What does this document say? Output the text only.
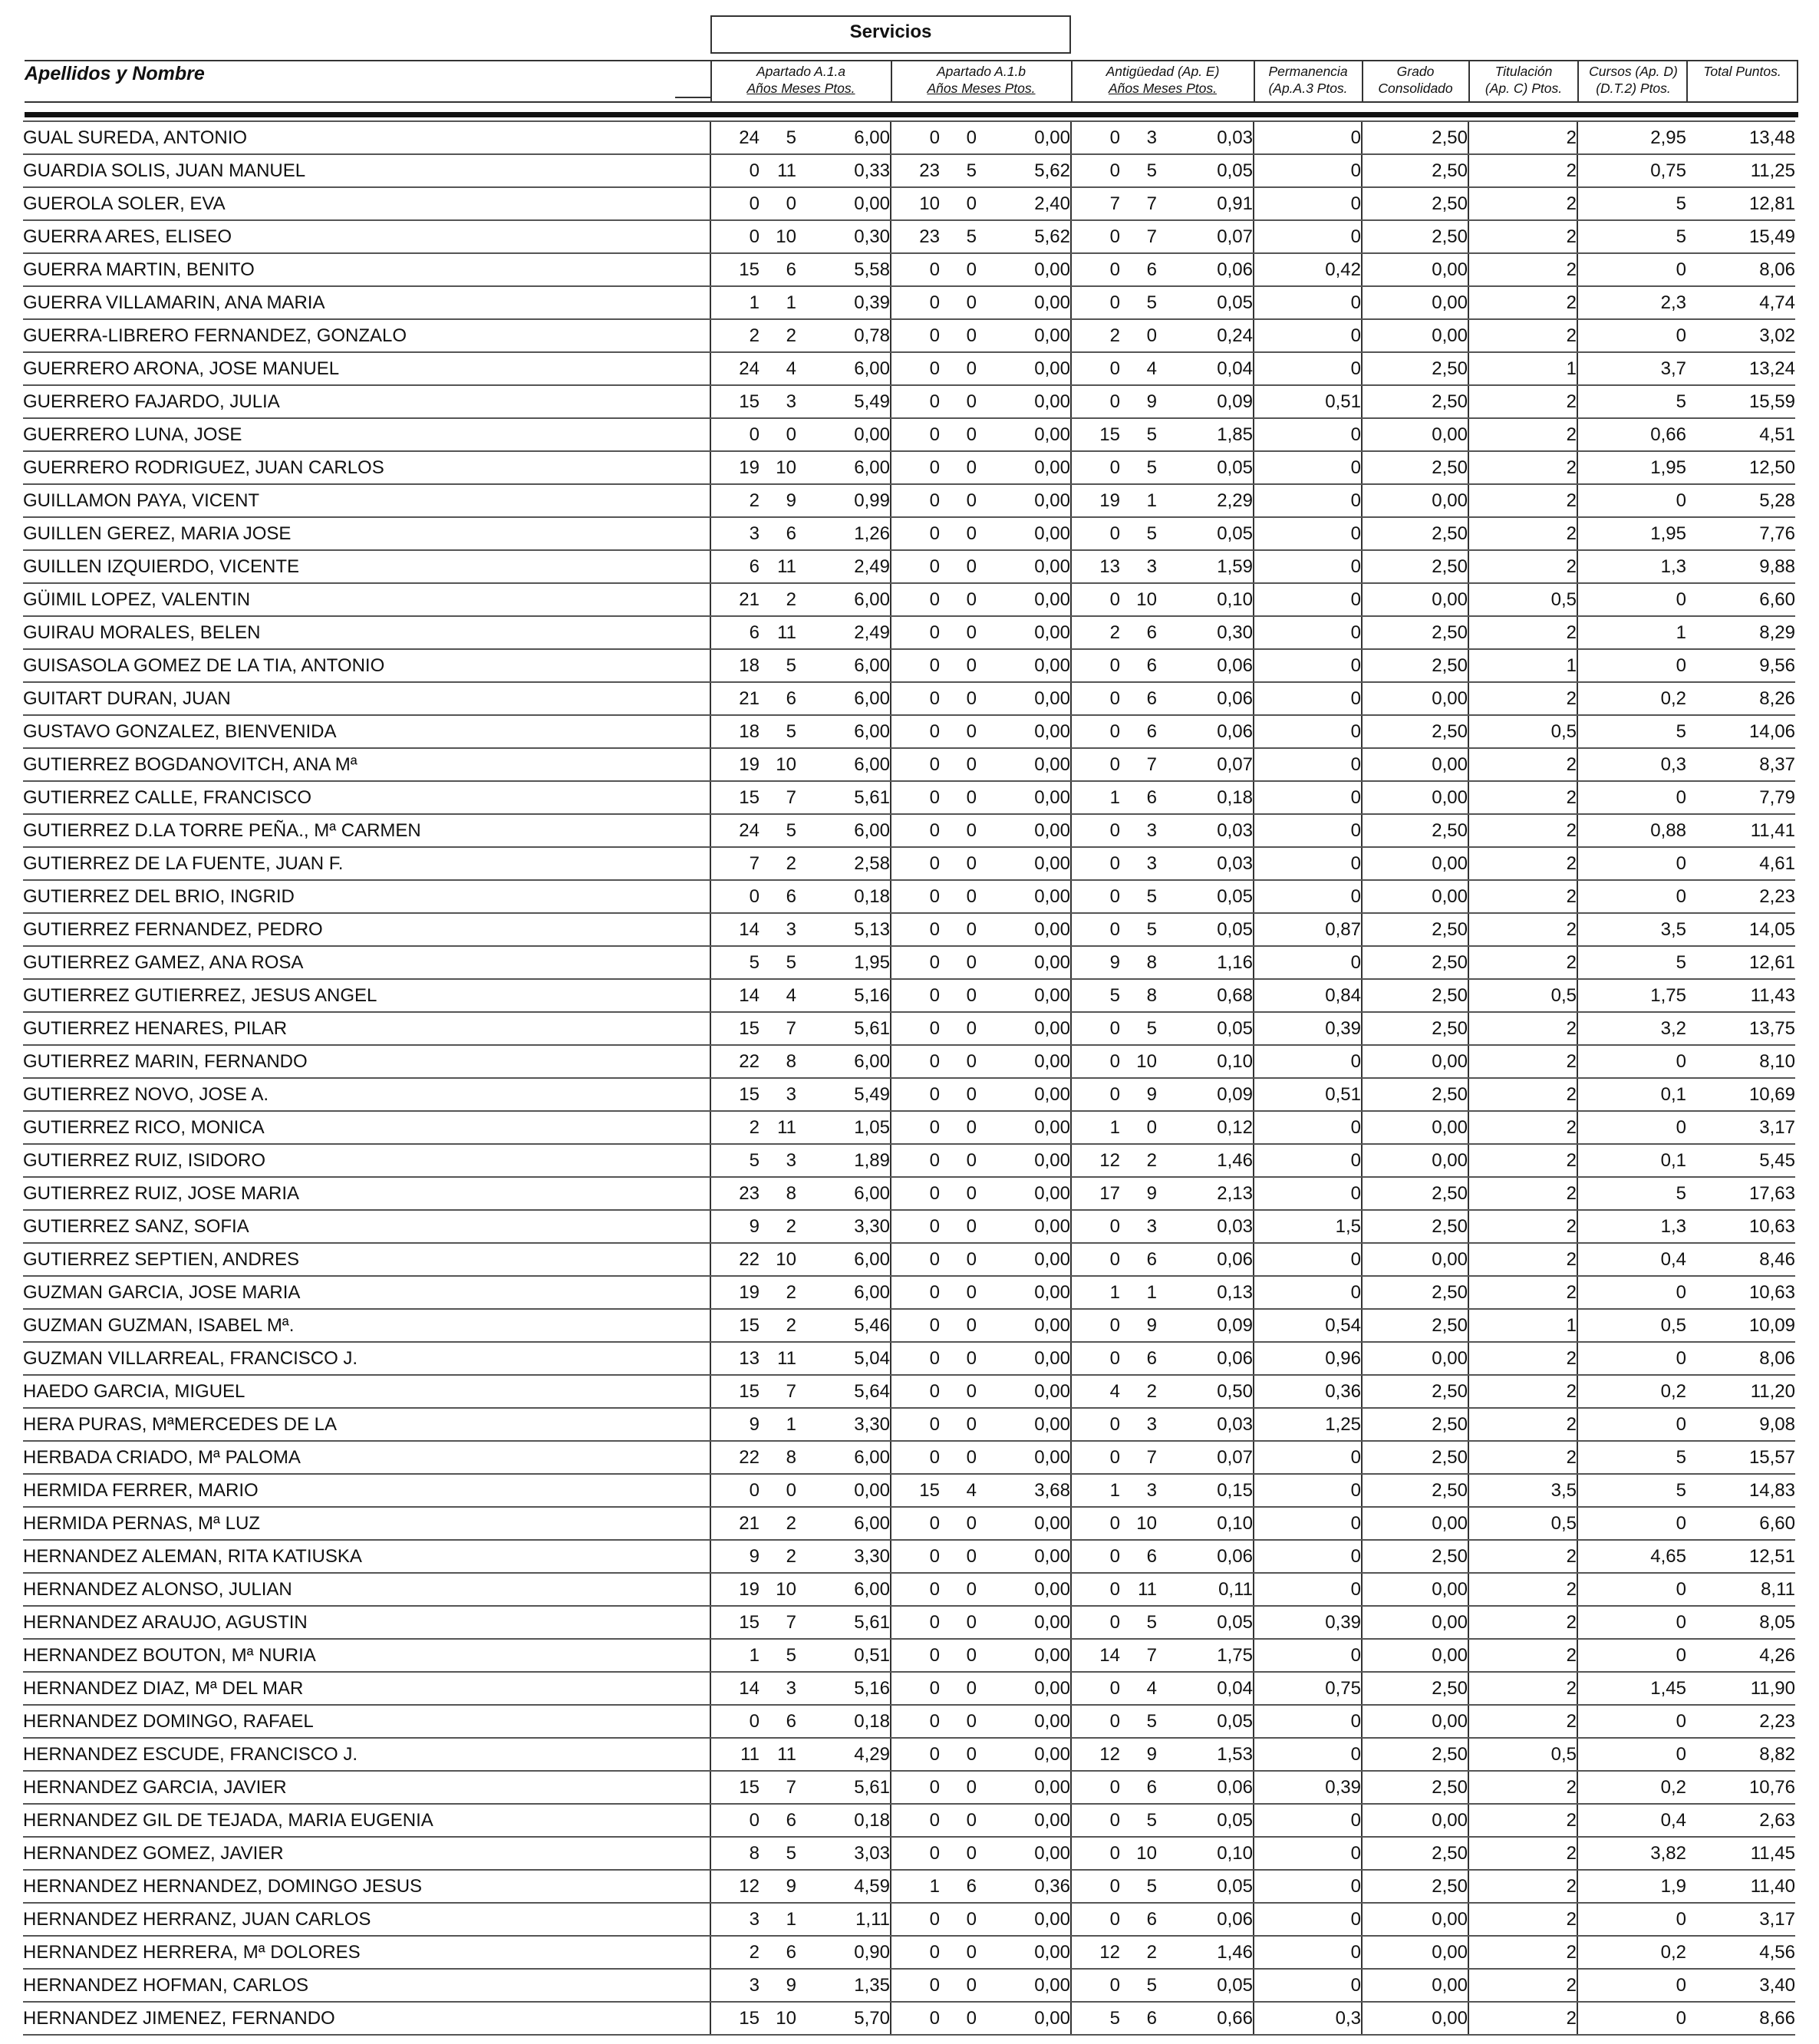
Servicios
Apellidos y Nombre	Apartado A.1.a
Años Meses Ptos.
Apartado A.1.b
Años Meses Ptos.
Antigüedad (Ap. E)
Años Meses Ptos.
Permanencia
(Ap.A.3 Ptos.
Grado
Consolidado
Titulación
(Ap. C) Ptos.
Cursos (Ap. D)
(D.T.2) Ptos.
Total Puntos.
GUAL SUREDA, ANTONIO	24	5	6,00	0	0	0,00	0	3	0,03	0	2,50	2	2,95	13,48
GUARDIA SOLIS, JUAN MANUEL	0	11	0,33	23	5	5,62	0	5	0,05	0	2,50	2	0,75	11,25
GUEROLA SOLER, EVA	0	0	0,00	10	0	2,40	7	7	0,91	0	2,50	2	5	12,81
GUERRA ARES, ELISEO	0	10	0,30	23	5	5,62	0	7	0,07	0	2,50	2	5	15,49
GUERRA MARTIN, BENITO	15	6	5,58	0	0	0,00	0	6	0,06	0,42	0,00	2	0	8,06
GUERRA VILLAMARIN, ANA MARIA	1	1	0,39	0	0	0,00	0	5	0,05	0	0,00	2	2,3	4,74
GUERRA-LIBRERO FERNANDEZ, GONZALO	2	2	0,78	0	0	0,00	2	0	0,24	0	0,00	2	0	3,02
GUERRERO ARONA, JOSE MANUEL	24	4	6,00	0	0	0,00	0	4	0,04	0	2,50	1	3,7	13,24
GUERRERO FAJARDO, JULIA	15	3	5,49	0	0	0,00	0	9	0,09	0,51	2,50	2	5	15,59
GUERRERO LUNA, JOSE	0	0	0,00	0	0	0,00	15	5	1,85	0	0,00	2	0,66	4,51
GUERRERO RODRIGUEZ, JUAN CARLOS	19	10	6,00	0	0	0,00	0	5	0,05	0	2,50	2	1,95	12,50
GUILLAMON PAYA, VICENT	2	9	0,99	0	0	0,00	19	1	2,29	0	0,00	2	0	5,28
GUILLEN GEREZ, MARIA JOSE	3	6	1,26	0	0	0,00	0	5	0,05	0	2,50	2	1,95	7,76
GUILLEN IZQUIERDO, VICENTE	6	11	2,49	0	0	0,00	13	3	1,59	0	2,50	2	1,3	9,88
GÜIMIL LOPEZ, VALENTIN	21	2	6,00	0	0	0,00	0	10	0,10	0	0,00	0,5	0	6,60
GUIRAU MORALES, BELEN	6	11	2,49	0	0	0,00	2	6	0,30	0	2,50	2	1	8,29
GUISASOLA GOMEZ DE LA TIA, ANTONIO	18	5	6,00	0	0	0,00	0	6	0,06	0	2,50	1	0	9,56
GUITART DURAN, JUAN	21	6	6,00	0	0	0,00	0	6	0,06	0	0,00	2	0,2	8,26
GUSTAVO GONZALEZ, BIENVENIDA	18	5	6,00	0	0	0,00	0	6	0,06	0	2,50	0,5	5	14,06
GUTIERREZ BOGDANOVITCH, ANA Mª	19	10	6,00	0	0	0,00	0	7	0,07	0	0,00	2	0,3	8,37
GUTIERREZ CALLE, FRANCISCO	15	7	5,61	0	0	0,00	1	6	0,18	0	0,00	2	0	7,79
GUTIERREZ D.LA TORRE PEÑA., Mª CARMEN	24	5	6,00	0	0	0,00	0	3	0,03	0	2,50	2	0,88	11,41
GUTIERREZ DE LA FUENTE, JUAN F.	7	2	2,58	0	0	0,00	0	3	0,03	0	0,00	2	0	4,61
GUTIERREZ DEL BRIO, INGRID	0	6	0,18	0	0	0,00	0	5	0,05	0	0,00	2	0	2,23
GUTIERREZ FERNANDEZ, PEDRO	14	3	5,13	0	0	0,00	0	5	0,05	0,87	2,50	2	3,5	14,05
GUTIERREZ GAMEZ, ANA ROSA	5	5	1,95	0	0	0,00	9	8	1,16	0	2,50	2	5	12,61
GUTIERREZ GUTIERREZ, JESUS ANGEL	14	4	5,16	0	0	0,00	5	8	0,68	0,84	2,50	0,5	1,75	11,43
GUTIERREZ HENARES, PILAR	15	7	5,61	0	0	0,00	0	5	0,05	0,39	2,50	2	3,2	13,75
GUTIERREZ MARIN, FERNANDO	22	8	6,00	0	0	0,00	0	10	0,10	0	0,00	2	0	8,10
GUTIERREZ NOVO, JOSE A.	15	3	5,49	0	0	0,00	0	9	0,09	0,51	2,50	2	0,1	10,69
GUTIERREZ RICO, MONICA	2	11	1,05	0	0	0,00	1	0	0,12	0	0,00	2	0	3,17
GUTIERREZ RUIZ, ISIDORO	5	3	1,89	0	0	0,00	12	2	1,46	0	0,00	2	0,1	5,45
GUTIERREZ RUIZ, JOSE MARIA	23	8	6,00	0	0	0,00	17	9	2,13	0	2,50	2	5	17,63
GUTIERREZ SANZ, SOFIA	9	2	3,30	0	0	0,00	0	3	0,03	1,5	2,50	2	1,3	10,63
GUTIERREZ SEPTIEN, ANDRES	22	10	6,00	0	0	0,00	0	6	0,06	0	0,00	2	0,4	8,46
GUZMAN GARCIA, JOSE MARIA	19	2	6,00	0	0	0,00	1	1	0,13	0	2,50	2	0	10,63
GUZMAN GUZMAN, ISABEL Mª.	15	2	5,46	0	0	0,00	0	9	0,09	0,54	2,50	1	0,5	10,09
GUZMAN VILLARREAL, FRANCISCO J.	13	11	5,04	0	0	0,00	0	6	0,06	0,96	0,00	2	0	8,06
HAEDO GARCIA, MIGUEL	15	7	5,64	0	0	0,00	4	2	0,50	0,36	2,50	2	0,2	11,20
HERA PURAS, MªMERCEDES DE LA	9	1	3,30	0	0	0,00	0	3	0,03	1,25	2,50	2	0	9,08
HERBADA CRIADO, Mª PALOMA	22	8	6,00	0	0	0,00	0	7	0,07	0	2,50	2	5	15,57
HERMIDA FERRER, MARIO	0	0	0,00	15	4	3,68	1	3	0,15	0	2,50	3,5	5	14,83
HERMIDA PERNAS, Mª LUZ	21	2	6,00	0	0	0,00	0	10	0,10	0	0,00	0,5	0	6,60
HERNANDEZ ALEMAN, RITA KATIUSKA	9	2	3,30	0	0	0,00	0	6	0,06	0	2,50	2	4,65	12,51
HERNANDEZ ALONSO, JULIAN	19	10	6,00	0	0	0,00	0	11	0,11	0	0,00	2	0	8,11
HERNANDEZ ARAUJO, AGUSTIN	15	7	5,61	0	0	0,00	0	5	0,05	0,39	0,00	2	0	8,05
HERNANDEZ BOUTON, Mª NURIA	1	5	0,51	0	0	0,00	14	7	1,75	0	0,00	2	0	4,26
HERNANDEZ DIAZ, Mª DEL MAR	14	3	5,16	0	0	0,00	0	4	0,04	0,75	2,50	2	1,45	11,90
HERNANDEZ DOMINGO, RAFAEL	0	6	0,18	0	0	0,00	0	5	0,05	0	0,00	2	0	2,23
HERNANDEZ ESCUDE, FRANCISCO J.	11	11	4,29	0	0	0,00	12	9	1,53	0	2,50	0,5	0	8,82
HERNANDEZ GARCIA, JAVIER	15	7	5,61	0	0	0,00	0	6	0,06	0,39	2,50	2	0,2	10,76
HERNANDEZ GIL DE TEJADA, MARIA EUGENIA	0	6	0,18	0	0	0,00	0	5	0,05	0	0,00	2	0,4	2,63
HERNANDEZ GOMEZ, JAVIER	8	5	3,03	0	0	0,00	0	10	0,10	0	2,50	2	3,82	11,45
HERNANDEZ HERNANDEZ, DOMINGO JESUS	12	9	4,59	1	6	0,36	0	5	0,05	0	2,50	2	1,9	11,40
HERNANDEZ HERRANZ, JUAN CARLOS	3	1	1,11	0	0	0,00	0	6	0,06	0	0,00	2	0	3,17
HERNANDEZ HERRERA, Mª DOLORES	2	6	0,90	0	0	0,00	12	2	1,46	0	0,00	2	0,2	4,56
HERNANDEZ HOFMAN, CARLOS	3	9	1,35	0	0	0,00	0	5	0,05	0	0,00	2	0	3,40
HERNANDEZ JIMENEZ, FERNANDO	15	10	5,70	0	0	0,00	5	6	0,66	0,3	0,00	2	0	8,66
